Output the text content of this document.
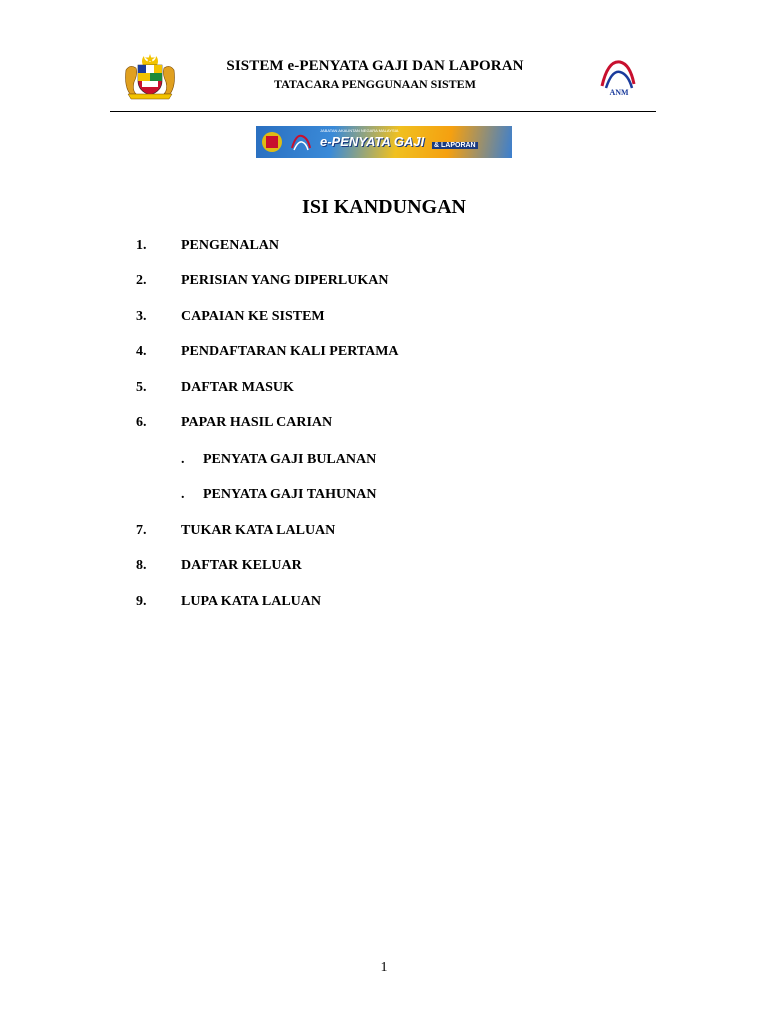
SISTEM e-PENYATA GAJI DAN LAPORAN
TATACARA PENGGUNAAN SISTEM
ANM
JABATAN AKAUNTAN NEGARA MALAYSIA
e-PENYATA GAJI & LAPORAN
ISI KANDUNGAN
1. PENGENALAN
2. PERISIAN YANG DIPERLUKAN
3. CAPAIAN KE SISTEM
4. PENDAFTARAN KALI PERTAMA
5. DAFTAR MASUK
6. PAPAR HASIL CARIAN
. PENYATA GAJI BULANAN
. PENYATA GAJI TAHUNAN
7. TUKAR KATA LALUAN
8. DAFTAR KELUAR
9. LUPA KATA LALUAN
1
